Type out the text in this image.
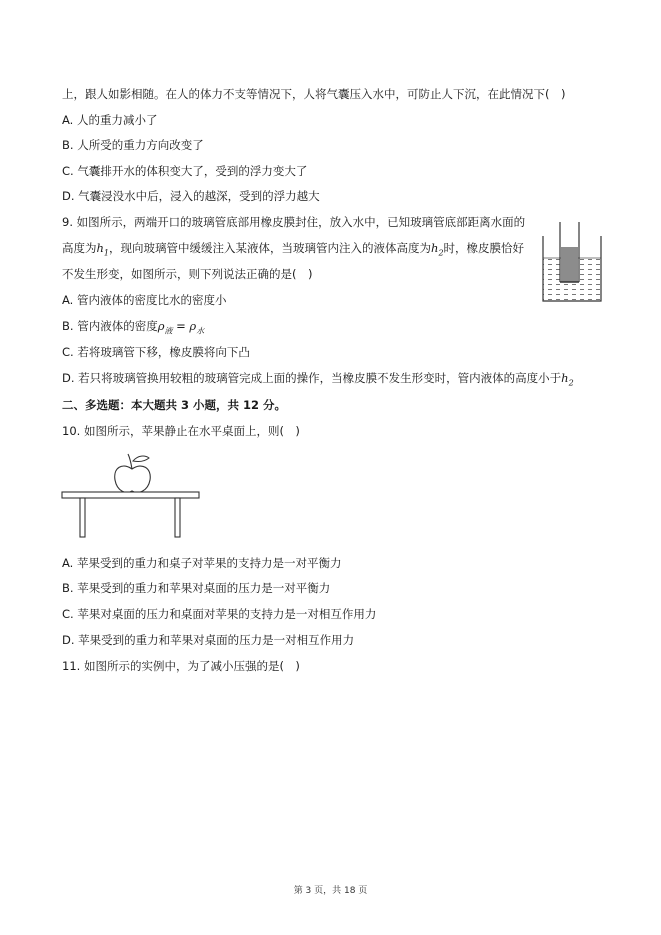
上，跟人如影相随。在人的体力不支等情况下，人将气囊压入水中，可防止人下沉，在此情况下(　)
A. 人的重力减小了
B. 人所受的重力方向改变了
C. 气囊排开水的体积变大了，受到的浮力变大了
D. 气囊浸没水中后，浸入的越深，受到的浮力越大
9. 如图所示，两端开口的玻璃管底部用橡皮膜封住，放入水中，已知玻璃管底部距离水面的
高度为$h_1$，现向玻璃管中缓缓注入某液体，当玻璃管内注入的液体高度为$h_2$时，橡皮膜恰好
不发生形变，如图所示，则下列说法正确的是(　)
A. 管内液体的密度比水的密度小
B. 管内液体的密度$\rho_液 = \rho_水$
C. 若将玻璃管下移，橡皮膜将向下凸
D. 若只将玻璃管换用较粗的玻璃管完成上面的操作，当橡皮膜不发生形变时，管内液体的高度小于$h_2$
二、多选题：本大题共 3 小题，共 12 分。
10. 如图所示，苹果静止在水平桌面上，则(　)
A. 苹果受到的重力和桌子对苹果的支持力是一对平衡力
B. 苹果受到的重力和苹果对桌面的压力是一对平衡力
C. 苹果对桌面的压力和桌面对苹果的支持力是一对相互作用力
D. 苹果受到的重力和苹果对桌面的压力是一对相互作用力
11. 如图所示的实例中，为了减小压强的是(　)
第 3 页，共 18 页
